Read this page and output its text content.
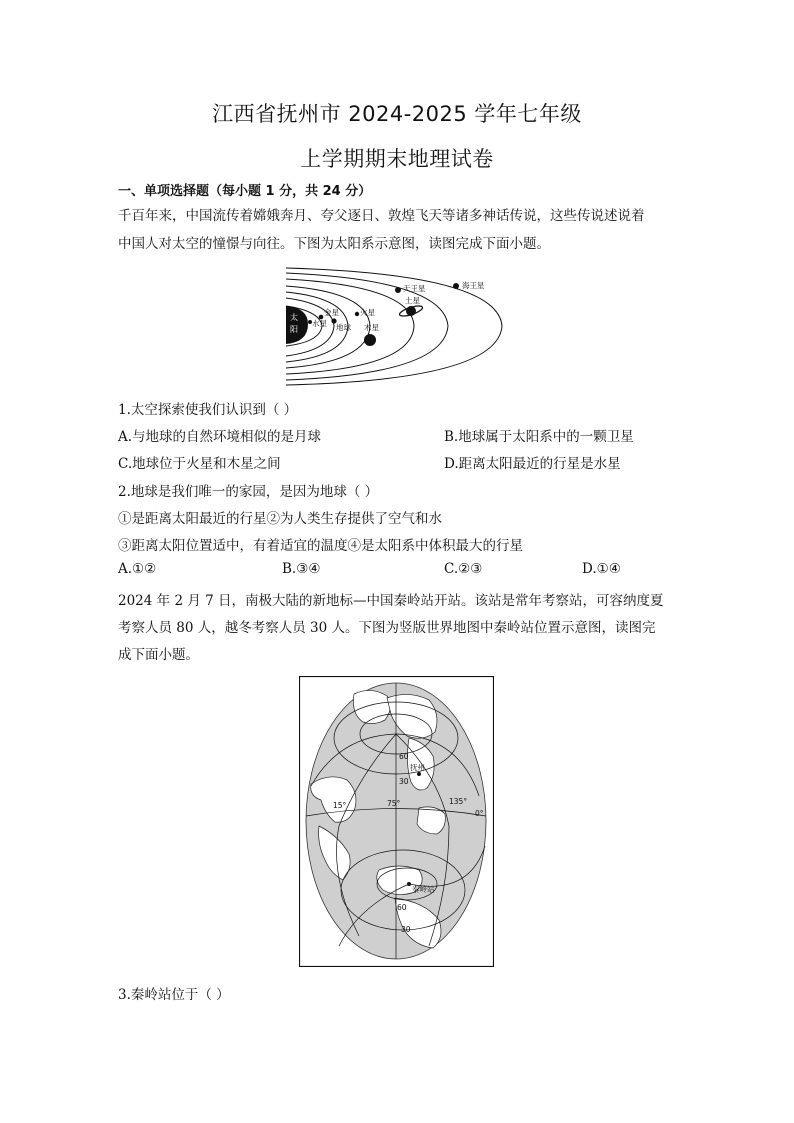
江西省抚州市 2024-2025 学年七年级
上学期期末地理试卷
一、单项选择题（每小题 1 分，共 24 分）
千百年来，中国流传着嫦娥奔月、夸父逐日、敦煌飞天等诸多神话传说，这些传说述说着
中国人对太空的憧憬与向往。下图为太阳系示意图，读图完成下面小题。
太
阳
水星
金星
地球
火星
木星
土星
天王星	海王星
1.太空探索使我们认识到（ ）
A.与地球的自然环境相似的是月球	B.地球属于太阳系中的一颗卫星
C.地球位于火星和木星之间	D.距离太阳最近的行星是水星
2.地球是我们唯一的家园，是因为地球（ ）
①是距离太阳最近的行星②为人类生存提供了空气和水
③距离太阳位置适中，有着适宜的温度④是太阳系中体积最大的行星
A.①②	B.③④	C.②③	D.①④
2024 年 2 月 7 日，南极大陆的新地标—中国秦岭站开站。该站是常年考察站，可容纳度夏
考察人员 80 人，越冬考察人员 30 人。下图为竖版世界地图中秦岭站位置示意图，读图完
成下面小题。
抚州
秦岭站
60
30
135°
75°
15°
0°
60
30
3.秦岭站位于（ ）
